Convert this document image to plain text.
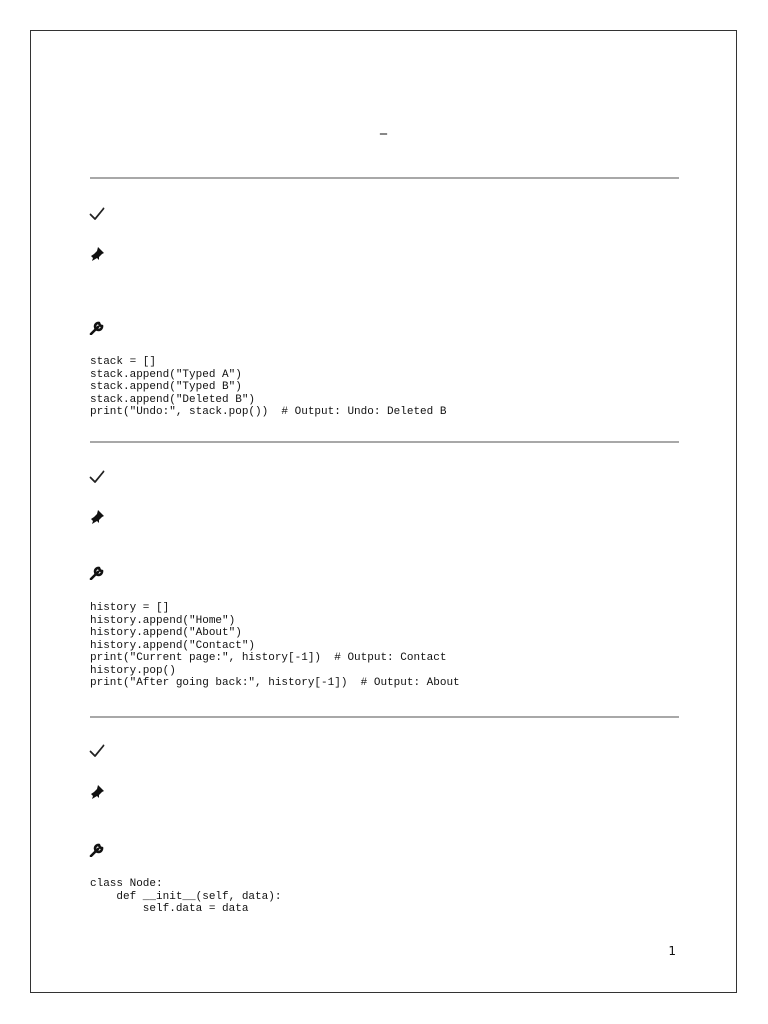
_
stack = []
stack.append("Typed A")
stack.append("Typed B")
stack.append("Deleted B")
print("Undo:", stack.pop())  # Output: Undo: Deleted B
history = []
history.append("Home")
history.append("About")
history.append("Contact")
print("Current page:", history[-1])  # Output: Contact
history.pop()
print("After going back:", history[-1])  # Output: About
class Node:
def __init__(self, data):
self.data = data
1
